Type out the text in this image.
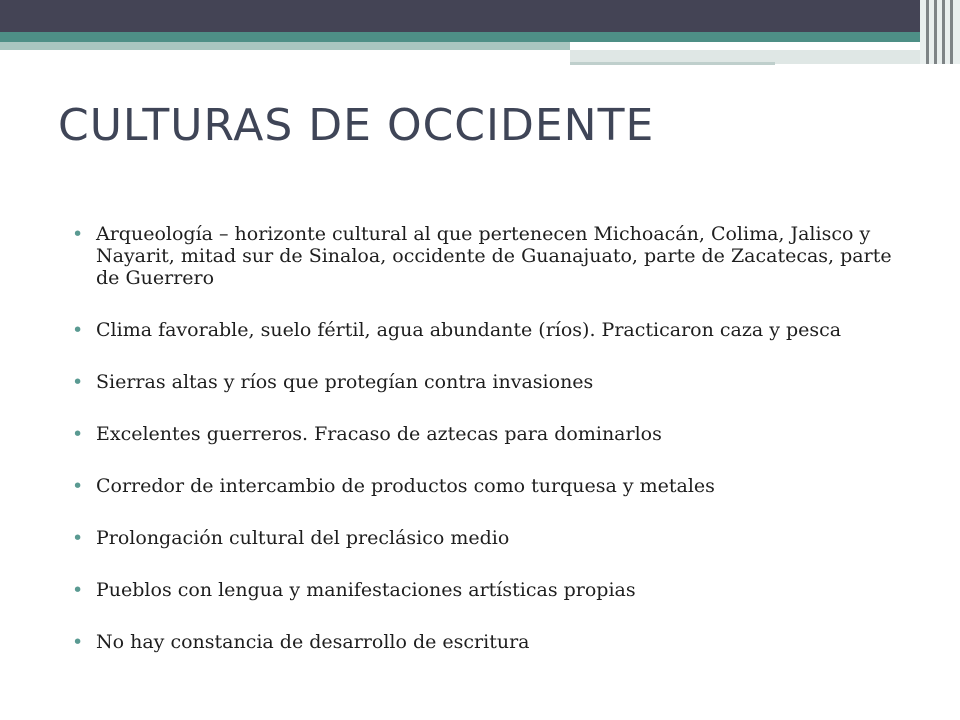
CULTURAS DE OCCIDENTE
• Arqueología – horizonte cultural al que pertenecen Michoacán, Colima, Jalisco y Nayarit, mitad sur de Sinaloa, occidente de Guanajuato, parte de Zacatecas, parte de Guerrero
• Clima favorable, suelo fértil, agua abundante (ríos). Practicaron caza y pesca
• Sierras altas y ríos que protegían contra invasiones
• Excelentes guerreros. Fracaso de aztecas para dominarlos
• Corredor de intercambio de productos como turquesa y metales
• Prolongación cultural del preclásico medio
• Pueblos con lengua y manifestaciones artísticas propias
• No hay constancia de desarrollo de escritura
